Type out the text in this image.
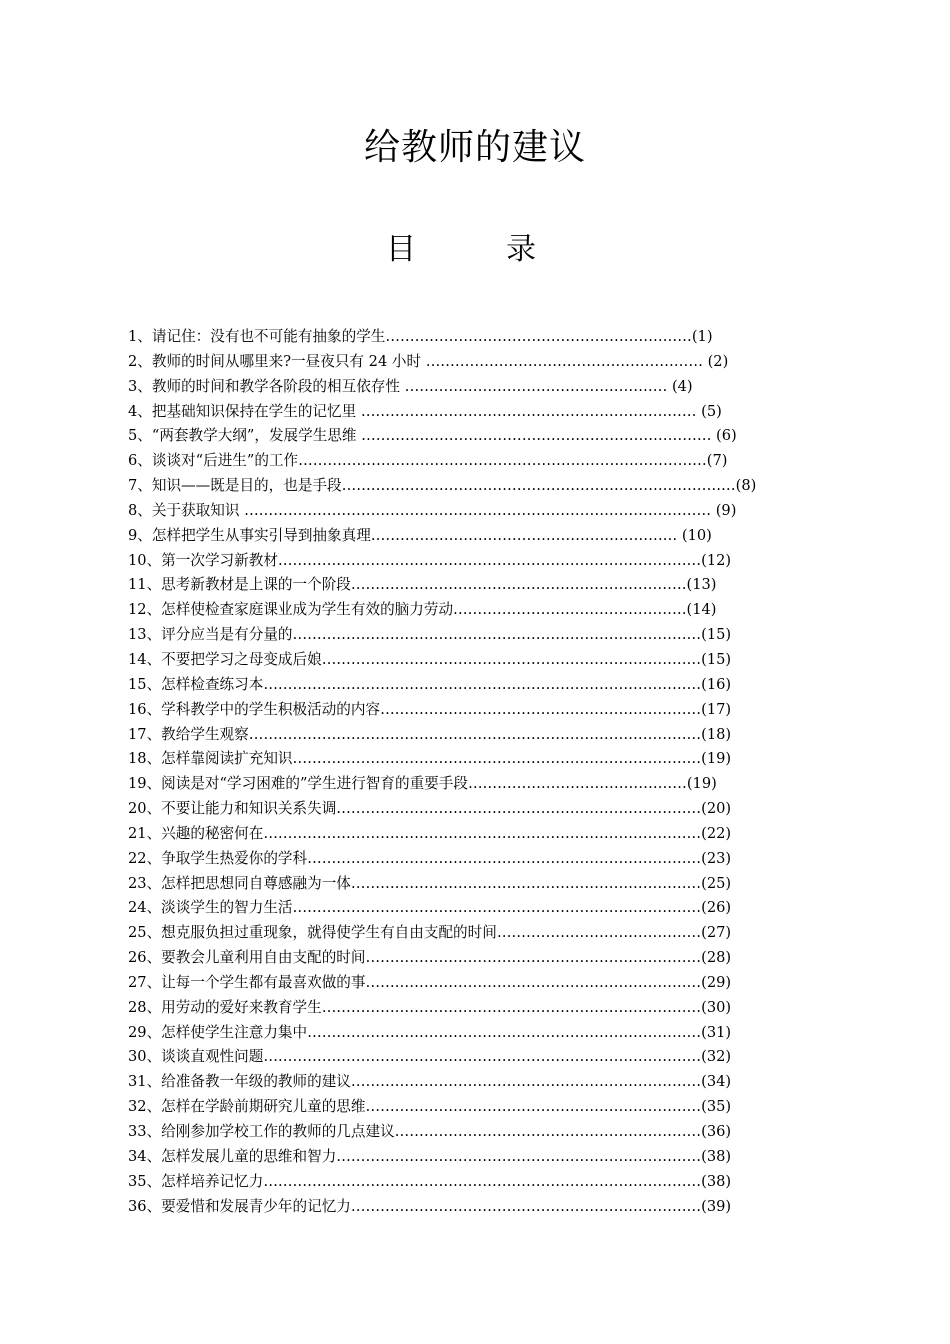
给教师的建议
目	录
1、请记住：没有也不可能有抽象的学生………………………………………………………(1)
2、教师的时间从哪里来?一昼夜只有 24 小时 ………………………………………………… (2)
3、教师的时间和教学各阶段的相互依存性 ……………………………………………… (4)
4、把基础知识保持在学生的记忆里 …………………………………………………………… (5)
5、“两套教学大纲”，发展学生思维 ……………………………………………………………… (6)
6、谈谈对“后进生”的工作…………………………………………………………………………(7)
7、知识——既是目的，也是手段………………………………………………………………………(8)
8、关于获取知识 …………………………………………………………………………………… (9)
9、怎样把学生从事实引导到抽象真理……………………………………………………… (10)
10、第一次学习新教材……………………………………………………………………………(12)
11、思考新教材是上课的一个阶段……………………………………………………………(13)
12、怎样使检查家庭课业成为学生有效的脑力劳动…………………………………………(14)
13、评分应当是有分量的…………………………………………………………………………(15)
14、不要把学习之母变成后娘……………………………………………………………………(15)
15、怎样检查练习本………………………………………………………………………………(16)
16、学科教学中的学生积极活动的内容…………………………………………………………(17)
17、教给学生观察…………………………………………………………………………………(18)
18、怎样靠阅读扩充知识…………………………………………………………………………(19)
19、阅读是对“学习困难的”学生进行智育的重要手段………………………………………(19)
20、不要让能力和知识关系失调…………………………………………………………………(20)
21、兴趣的秘密何在………………………………………………………………………………(22)
22、争取学生热爱你的学科………………………………………………………………………(23)
23、怎样把思想同自尊感融为一体………………………………………………………………(25)
24、淡谈学生的智力生活…………………………………………………………………………(26)
25、想克服负担过重现象，就得使学生有自由支配的时间……………………………………(27)
26、要教会儿童利用自由支配的时间……………………………………………………………(28)
27、让每一个学生都有最喜欢做的事……………………………………………………………(29)
28、用劳动的爱好来教育学生……………………………………………………………………(30)
29、怎样使学生注意力集中………………………………………………………………………(31)
30、谈谈直观性问题………………………………………………………………………………(32)
31、给准备教一年级的教师的建议………………………………………………………………(34)
32、怎样在学龄前期研究儿童的思维……………………………………………………………(35)
33、给刚参加学校工作的教师的几点建议………………………………………………………(36)
34、怎样发展儿童的思维和智力…………………………………………………………………(38)
35、怎样培养记忆力………………………………………………………………………………(38)
36、要爱惜和发展青少年的记忆力………………………………………………………………(39)
